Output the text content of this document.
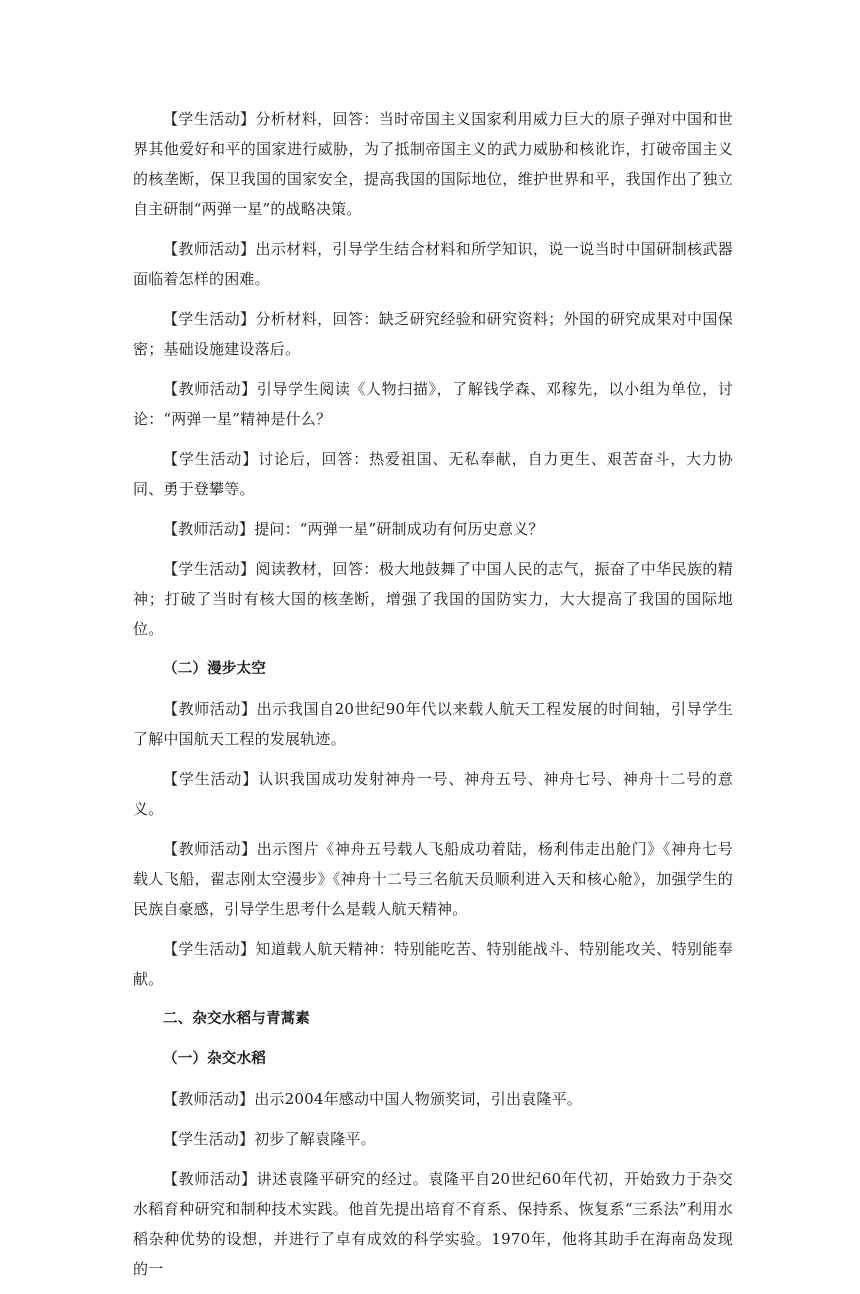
【学生活动】分析材料，回答：当时帝国主义国家利用威力巨大的原子弹对中国和世界其他爱好和平的国家进行威胁，为了抵制帝国主义的武力威胁和核讹诈，打破帝国主义的核垄断，保卫我国的国家安全，提高我国的国际地位，维护世界和平，我国作出了独立自主研制“两弹一星”的战略决策。

【教师活动】出示材料，引导学生结合材料和所学知识，说一说当时中国研制核武器面临着怎样的困难。

【学生活动】分析材料，回答：缺乏研究经验和研究资料；外国的研究成果对中国保密；基础设施建设落后。

【教师活动】引导学生阅读《人物扫描》，了解钱学森、邓稼先，以小组为单位，讨论：“两弹一星”精神是什么？

【学生活动】讨论后，回答：热爱祖国、无私奉献，自力更生、艰苦奋斗，大力协同、勇于登攀等。

【教师活动】提问：“两弹一星”研制成功有何历史意义？

【学生活动】阅读教材，回答：极大地鼓舞了中国人民的志气，振奋了中华民族的精神；打破了当时有核大国的核垄断，增强了我国的国防实力，大大提高了我国的国际地位。

（二）漫步太空

【教师活动】出示我国自20世纪90年代以来载人航天工程发展的时间轴，引导学生了解中国航天工程的发展轨迹。

【学生活动】认识我国成功发射神舟一号、神舟五号、神舟七号、神舟十二号的意义。

【教师活动】出示图片《神舟五号载人飞船成功着陆，杨利伟走出舱门》《神舟七号载人飞船，翟志刚太空漫步》《神舟十二号三名航天员顺利进入天和核心舱》，加强学生的民族自豪感，引导学生思考什么是载人航天精神。

【学生活动】知道载人航天精神：特别能吃苦、特别能战斗、特别能攻关、特别能奉献。

二、杂交水稻与青蒿素

（一）杂交水稻

【教师活动】出示2004年感动中国人物颁奖词，引出袁隆平。

【学生活动】初步了解袁隆平。

【教师活动】讲述袁隆平研究的经过。袁隆平自20世纪60年代初，开始致力于杂交水稻育种研究和制种技术实践。他首先提出培育不育系、保持系、恢复系“三系法”利用水稻杂种优势的设想，并进行了卓有成效的科学实验。1970年，他将其助手在海南岛发现的一
